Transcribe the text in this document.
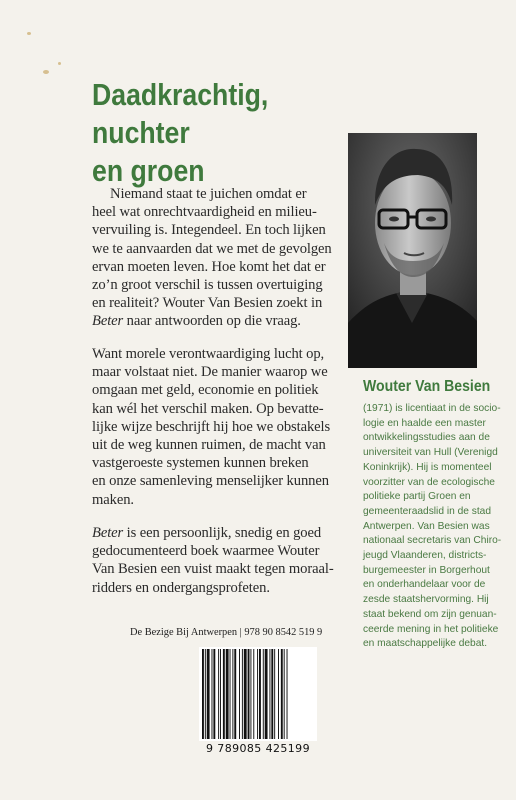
Daadkrachtig, nuchter
en groen

Niemand staat te juichen omdat er
heel wat onrechtvaardigheid en milieu-
vervuiling is. Integendeel. En toch lijken
we te aanvaarden dat we met de gevolgen
ervan moeten leven. Hoe komt het dat er
zo’n groot verschil is tussen overtuiging
en realiteit? Wouter Van Besien zoekt in
Beter naar antwoorden op die vraag.

Want morele verontwaardiging lucht op,
maar volstaat niet. De manier waarop we
omgaan met geld, economie en politiek
kan wél het verschil maken. Op bevatte-
lijke wijze beschrijft hij hoe we obstakels
uit de weg kunnen ruimen, de macht van
vastgeroeste systemen kunnen breken
en onze samenleving menselijker kunnen
maken.

Beter is een persoonlijk, snedig en goed
gedocumenteerd boek waarmee Wouter
Van Besien een vuist maakt tegen moraal-
ridders en ondergangsprofeten.

Wouter Van Besien

(1971) is licentiaat in de socio-
logie en haalde een master
ontwikkelingsstudies aan de
universiteit van Hull (Verenigd
Koninkrijk). Hij is momenteel
voorzitter van de ecologische
politieke partij Groen en
gemeenteraadslid in de stad
Antwerpen. Van Besien was
nationaal secretaris van Chiro-
jeugd Vlaanderen, districts-
burgemeester in Borgerhout
en onderhandelaar voor de
zesde staatshervorming. Hij
staat bekend om zijn genuan-
ceerde mening in het politieke
en maatschappelijke debat.

De Bezige Bij Antwerpen | 978 90 8542 519 9
9 789085 425199
